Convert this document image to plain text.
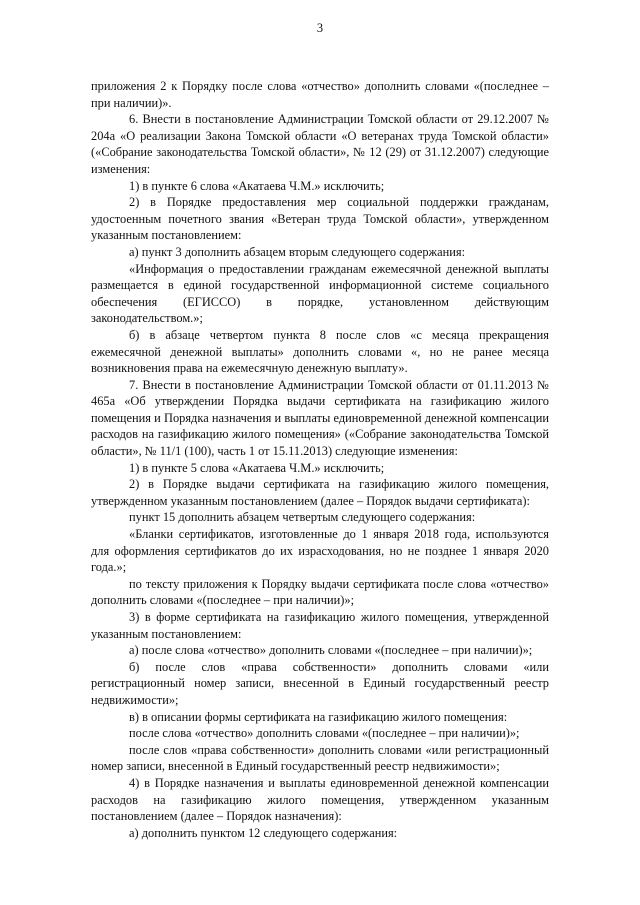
3

приложения 2 к Порядку после слова «отчество» дополнить словами «(последнее – при наличии)».

6. Внести в постановление Администрации Томской области от 29.12.2007 № 204а «О реализации Закона Томской области «О ветеранах труда Томской области» («Собрание законодательства Томской области», № 12 (29) от 31.12.2007) следующие изменения:

1) в пункте 6 слова «Акатаева Ч.М.» исключить;

2) в Порядке предоставления мер социальной поддержки гражданам, удостоенным почетного звания «Ветеран труда Томской области», утвержденном указанным постановлением:

а) пункт 3 дополнить абзацем вторым следующего содержания:

«Информация о предоставлении гражданам ежемесячной денежной выплаты размещается в единой государственной информационной системе социального обеспечения (ЕГИССО) в порядке, установленном действующим законодательством.»;

б) в абзаце четвертом пункта 8 после слов «с месяца прекращения ежемесячной денежной выплаты» дополнить словами «, но не ранее месяца возникновения права на ежемесячную денежную выплату».

7. Внести в постановление Администрации Томской области от 01.11.2013 № 465а «Об утверждении Порядка выдачи сертификата на газификацию жилого помещения и Порядка назначения и выплаты единовременной денежной компенсации расходов на газификацию жилого помещения» («Собрание законодательства Томской области», № 11/1 (100), часть 1 от 15.11.2013) следующие изменения:

1) в пункте 5 слова «Акатаева Ч.М.» исключить;

2) в Порядке выдачи сертификата на газификацию жилого помещения, утвержденном указанным постановлением (далее – Порядок выдачи сертификата):

пункт 15 дополнить абзацем четвертым следующего содержания:

«Бланки сертификатов, изготовленные до 1 января 2018 года, используются для оформления сертификатов до их израсходования, но не позднее 1 января 2020 года.»;

по тексту приложения к Порядку выдачи сертификата после слова «отчество» дополнить словами «(последнее – при наличии)»;

3) в форме сертификата на газификацию жилого помещения, утвержденной указанным постановлением:

а) после слова «отчество» дополнить словами «(последнее – при наличии)»;

б) после слов «права собственности» дополнить словами «или регистрационный номер записи, внесенной в Единый государственный реестр недвижимости»;

в) в описании формы сертификата на газификацию жилого помещения:

после слова «отчество» дополнить словами «(последнее – при наличии)»;

после слов «права собственности» дополнить словами «или регистрационный номер записи, внесенной в Единый государственный реестр недвижимости»;

4) в Порядке назначения и выплаты единовременной денежной компенсации расходов на газификацию жилого помещения, утвержденном указанным постановлением (далее – Порядок назначения):

а) дополнить пунктом 12 следующего содержания:
